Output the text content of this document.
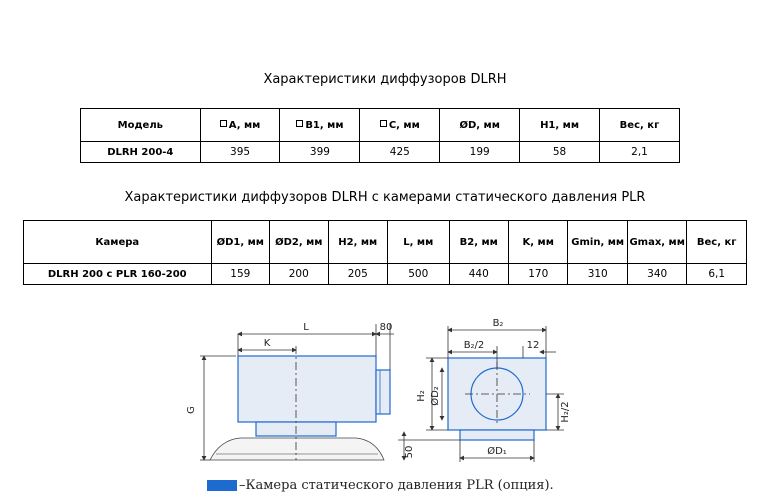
Характеристики диффузоров DLRH
Модель	A, мм	B1, мм	C, мм	ØD, мм	H1, мм	Вес, кг
DLRH 200-4	395	399	425	199	58	2,1
Характеристики диффузоров DLRH с камерами статического давления PLR
Камера	ØD1, мм	ØD2, мм	H2, мм	L, мм	B2, мм	K, мм	Gmin, мм	Gmax, мм	Вес, кг
DLRH 200 с PLR 160-200	159	200	205	500	440	170	310	340	6,1
L	80
K
G
B₂
B₂/2	12
H₂ ØD₂
H₂/2
50	ØD₁
–Камера статического давления PLR (опция).
